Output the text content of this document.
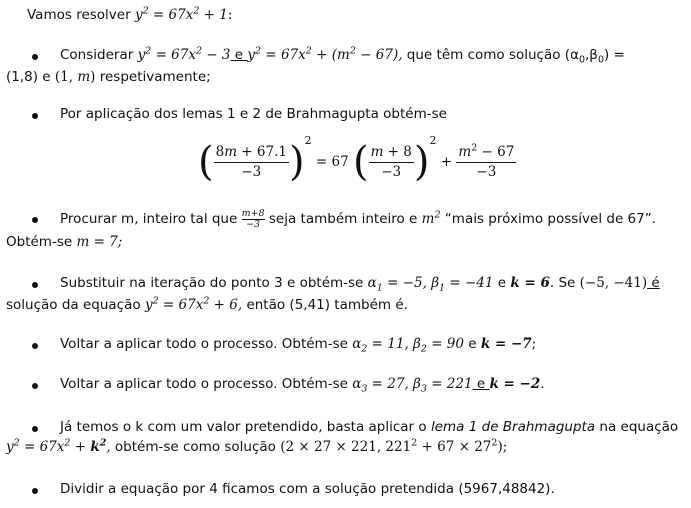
Vamos resolver $y^2 = 67x^2 + 1$:
Considerar $y^2 = 67x^2 - 3$ e $y^2 = 67x^2 + (m^2 - 67)$, que têm como solução $(\alpha_0,\beta_0)$ =
(1,8) e (1, m) respetivamente;
Por aplicação dos lemas 1 e 2 de Brahmagupta obtém-se
( $\frac{8m + 67.1}{-3} )^2 = 67$ ( $\frac{m + 8}{-3} )^2 + \frac{m^2 - 67}{-3}$
Procurar m, inteiro tal que $\frac{m+8}{-3}$ seja também inteiro e $m^2$ “mais próximo possível de 67”.
Obtém-se m = 7;
Substituir na iteração do ponto 3 e obtém-se $\alpha_1 = -5$, $\beta_1 = -41$ e k = 6. Se (−5, −41) é
solução da equação $y^2 = 67x^2 + 6$, então (5,41) também é.
Voltar a aplicar todo o processo. Obtém-se $\alpha_2 = 11$, $\beta_2 = 90$ e k = −7;
Voltar a aplicar todo o processo. Obtém-se $\alpha_3 = 27$, $\beta_3 = 221$ e k = −2.
Já temos o k com um valor pretendido, basta aplicar o lema 1 de Brahmagupta na equação
$y^2 = 67x^2 + k^2$, obtém-se como solução (2 × 27 × 221, $221^2 + 67 \times 27^2$);
Dividir a equação por 4 ficamos com a solução pretendida (5967,48842).
